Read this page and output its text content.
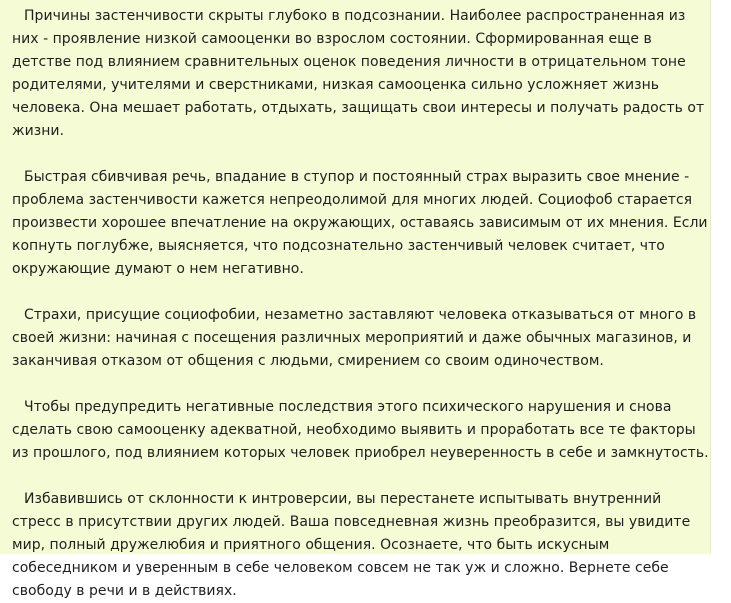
Причины застенчивости скрыты глубоко в подсознании. Наиболее распространенная из них - проявление низкой самооценки во взрослом состоянии. Сформированная еще в детстве под влиянием сравнительных оценок поведения личности в отрицательном тоне родителями, учителями и сверстниками, низкая самооценка сильно усложняет жизнь человека. Она мешает работать, отдыхать, защищать свои интересы и получать радость от жизни.

Быстрая сбивчивая речь, впадание в ступор и постоянный страх выразить свое мнение - проблема застенчивости кажется непреодолимой для многих людей. Социофоб старается произвести хорошее впечатление на окружающих, оставаясь зависимым от их мнения. Если копнуть поглубже, выясняется, что подсознательно застенчивый человек считает, что окружающие думают о нем негативно.

Страхи, присущие социофобии, незаметно заставляют человека отказываться от много в своей жизни: начиная с посещения различных мероприятий и даже обычных магазинов, и заканчивая отказом от общения с людьми, смирением со своим одиночеством.

Чтобы предупредить негативные последствия этого психического нарушения и снова сделать свою самооценку адекватной, необходимо выявить и проработать все те факторы из прошлого, под влиянием которых человек приобрел неуверенность в себе и замкнутость.

Избавившись от склонности к интроверсии, вы перестанете испытывать внутренний стресс в присутствии других людей. Ваша повседневная жизнь преобразится, вы увидите мир, полный дружелюбия и приятного общения. Осознаете, что быть искусным собеседником и уверенным в себе человеком совсем не так уж и сложно. Вернете себе свободу в речи и в действиях.
